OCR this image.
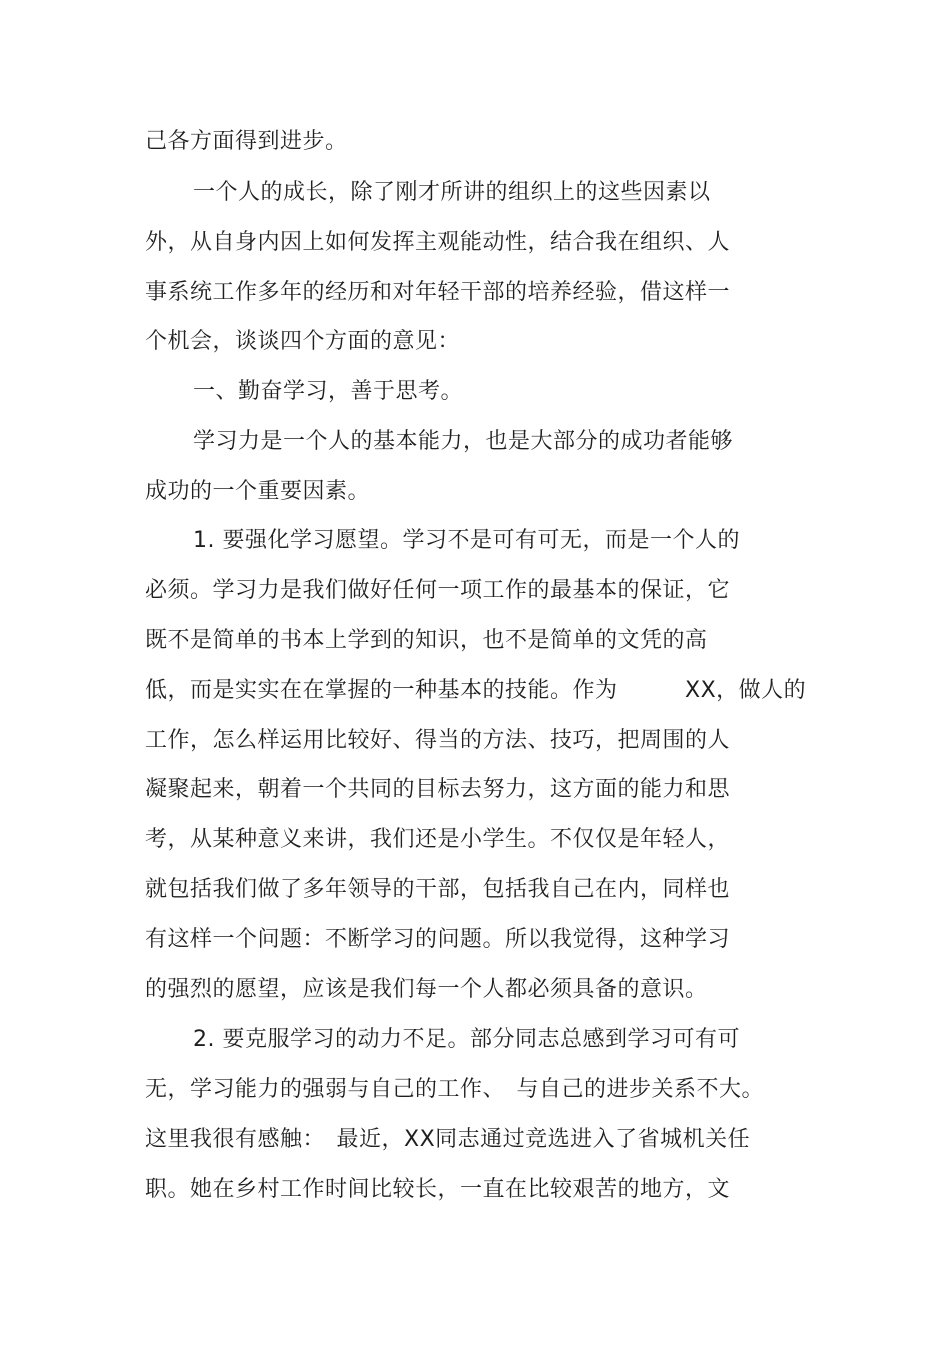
己各方面得到进步。
一个人的成长，除了刚才所讲的组织上的这些因素以
外，从自身内因上如何发挥主观能动性，结合我在组织、人
事系统工作多年的经历和对年轻干部的培养经验，借这样一
个机会，谈谈四个方面的意见：
一、勤奋学习，善于思考。
学习力是一个人的基本能力，也是大部分的成功者能够
成功的一个重要因素。
1. 要强化学习愿望。学习不是可有可无，而是一个人的
必须。学习力是我们做好任何一项工作的最基本的保证，它
既不是简单的书本上学到的知识，也不是简单的文凭的高
低，而是实实在在掌握的一种基本的技能。作为　　　XX，做人的
工作，怎么样运用比较好、得当的方法、技巧，把周围的人
凝聚起来，朝着一个共同的目标去努力，这方面的能力和思
考，从某种意义来讲，我们还是小学生。不仅仅是年轻人，
就包括我们做了多年领导的干部，包括我自己在内，同样也
有这样一个问题：不断学习的问题。所以我觉得，这种学习
的强烈的愿望，应该是我们每一个人都必须具备的意识。
2. 要克服学习的动力不足。部分同志总感到学习可有可
无，学习能力的强弱与自己的工作、　与自己的进步关系不大。
这里我很有感触：　最近，XX同志通过竞选进入了省城机关任
职。她在乡村工作时间比较长，一直在比较艰苦的地方，文
